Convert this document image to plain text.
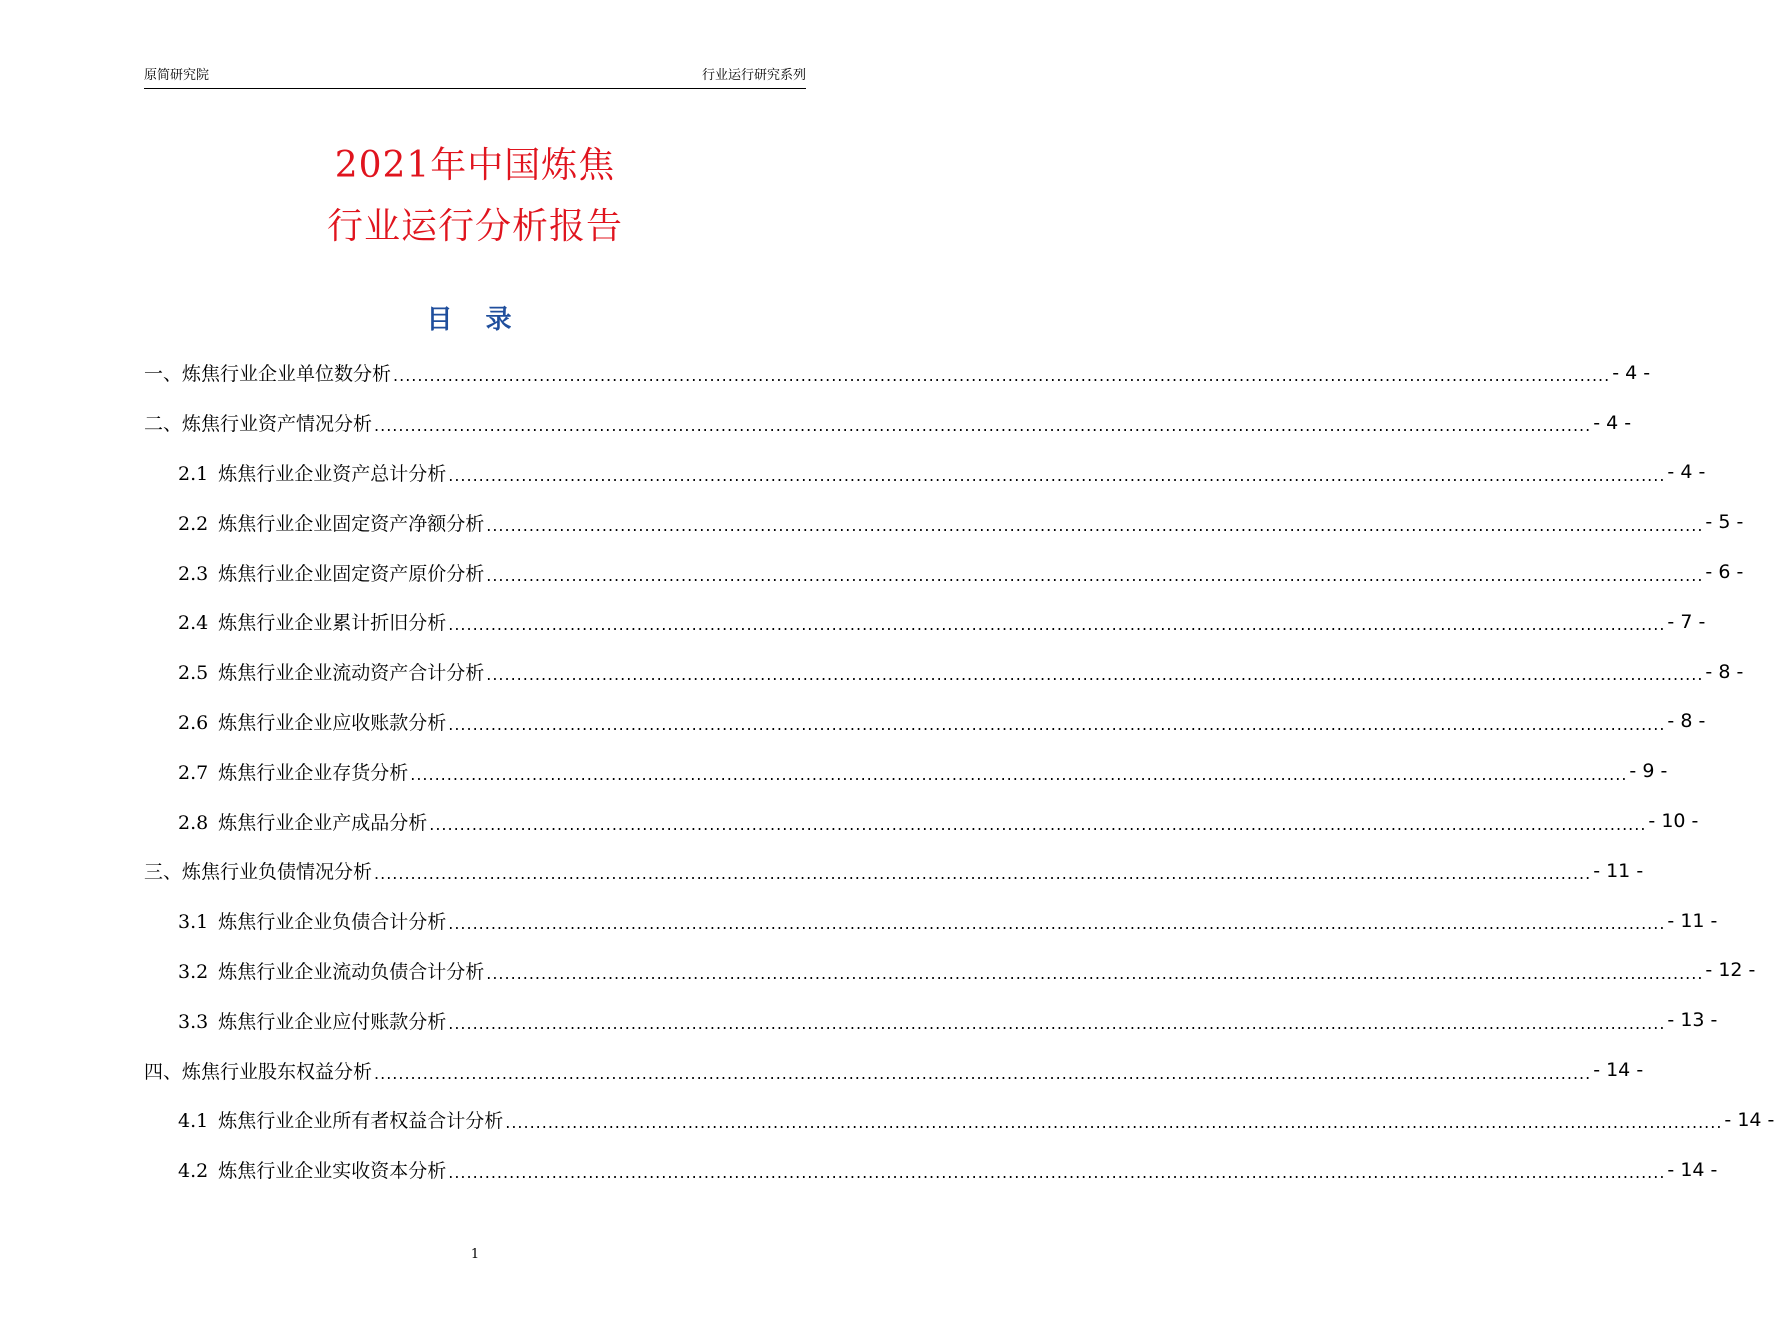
原简研究院	行业运行研究系列
2021年中国炼焦
行业运行分析报告
目 录
一、炼焦行业企业单位数分析 ........................................................................................................................................................................................................ - 4 -
二、炼焦行业资产情况分析 ........................................................................................................................................................................................................ - 4 -
2.1 炼焦行业企业资产总计分析 ........................................................................................................................................................................................................ - 4 -
2.2 炼焦行业企业固定资产净额分析 ........................................................................................................................................................................................................ - 5 -
2.3 炼焦行业企业固定资产原价分析 ........................................................................................................................................................................................................ - 6 -
2.4 炼焦行业企业累计折旧分析 ........................................................................................................................................................................................................ - 7 -
2.5 炼焦行业企业流动资产合计分析 ........................................................................................................................................................................................................ - 8 -
2.6 炼焦行业企业应收账款分析 ........................................................................................................................................................................................................ - 8 -
2.7 炼焦行业企业存货分析 ........................................................................................................................................................................................................ - 9 -
2.8 炼焦行业企业产成品分析 ........................................................................................................................................................................................................ - 10 -
三、炼焦行业负债情况分析 ........................................................................................................................................................................................................ - 11 -
3.1 炼焦行业企业负债合计分析 ........................................................................................................................................................................................................ - 11 -
3.2 炼焦行业企业流动负债合计分析 ........................................................................................................................................................................................................ - 12 -
3.3 炼焦行业企业应付账款分析 ........................................................................................................................................................................................................ - 13 -
四、炼焦行业股东权益分析 ........................................................................................................................................................................................................ - 14 -
4.1 炼焦行业企业所有者权益合计分析 ........................................................................................................................................................................................................ - 14 -
4.2 炼焦行业企业实收资本分析 ........................................................................................................................................................................................................ - 14 -
1
